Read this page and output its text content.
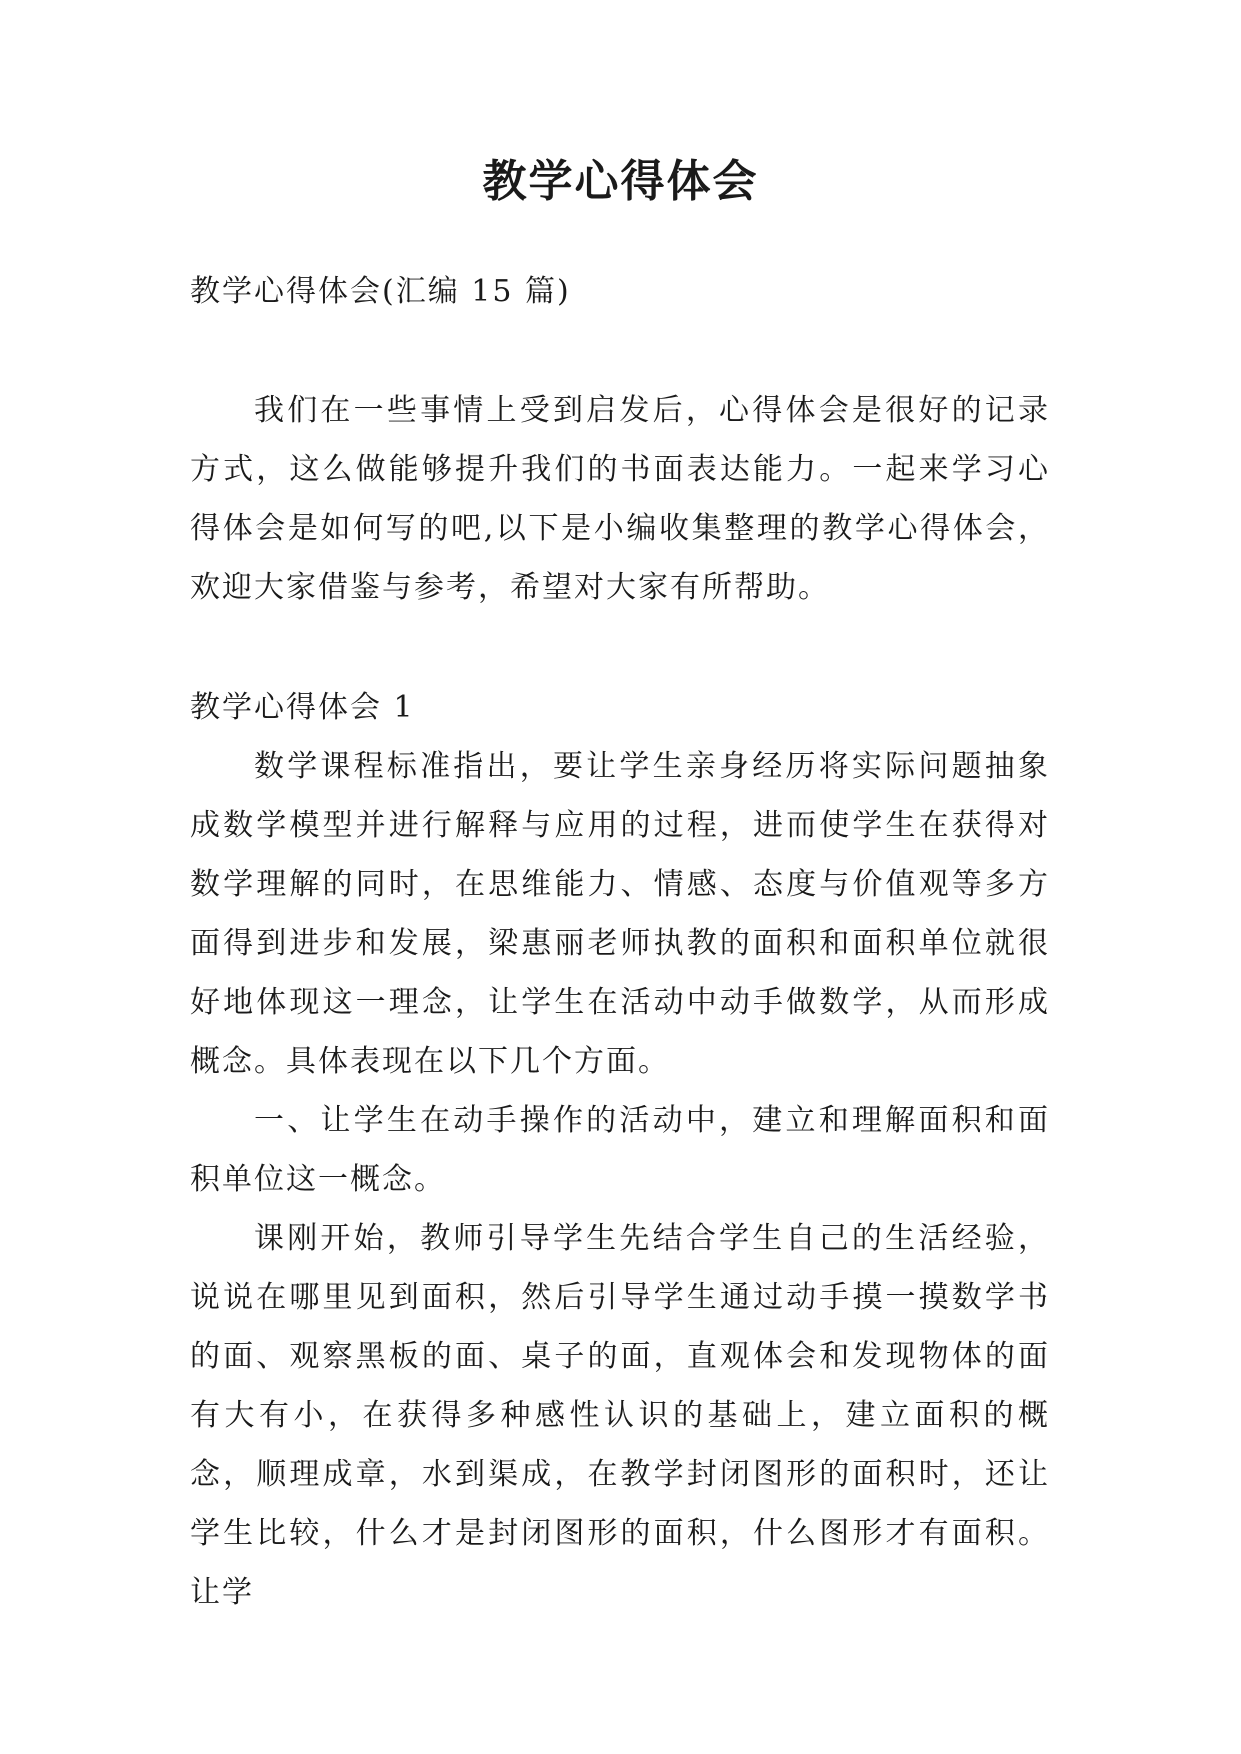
教学心得体会

教学心得体会(汇编 15 篇)

我们在一些事情上受到启发后，心得体会是很好的记录方式，这么做能够提升我们的书面表达能力。一起来学习心得体会是如何写的吧,以下是小编收集整理的教学心得体会，欢迎大家借鉴与参考，希望对大家有所帮助。

教学心得体会 1

数学课程标准指出，要让学生亲身经历将实际问题抽象成数学模型并进行解释与应用的过程，进而使学生在获得对数学理解的同时，在思维能力、情感、态度与价值观等多方面得到进步和发展，梁惠丽老师执教的面积和面积单位就很好地体现这一理念，让学生在活动中动手做数学，从而形成概念。具体表现在以下几个方面。

一、让学生在动手操作的活动中，建立和理解面积和面积单位这一概念。

课刚开始，教师引导学生先结合学生自己的生活经验，说说在哪里见到面积，然后引导学生通过动手摸一摸数学书的面、观察黑板的面、桌子的面，直观体会和发现物体的面有大有小，在获得多种感性认识的基础上，建立面积的概念，顺理成章，水到渠成，在教学封闭图形的面积时，还让学生比较，什么才是封闭图形的面积，什么图形才有面积。让学
